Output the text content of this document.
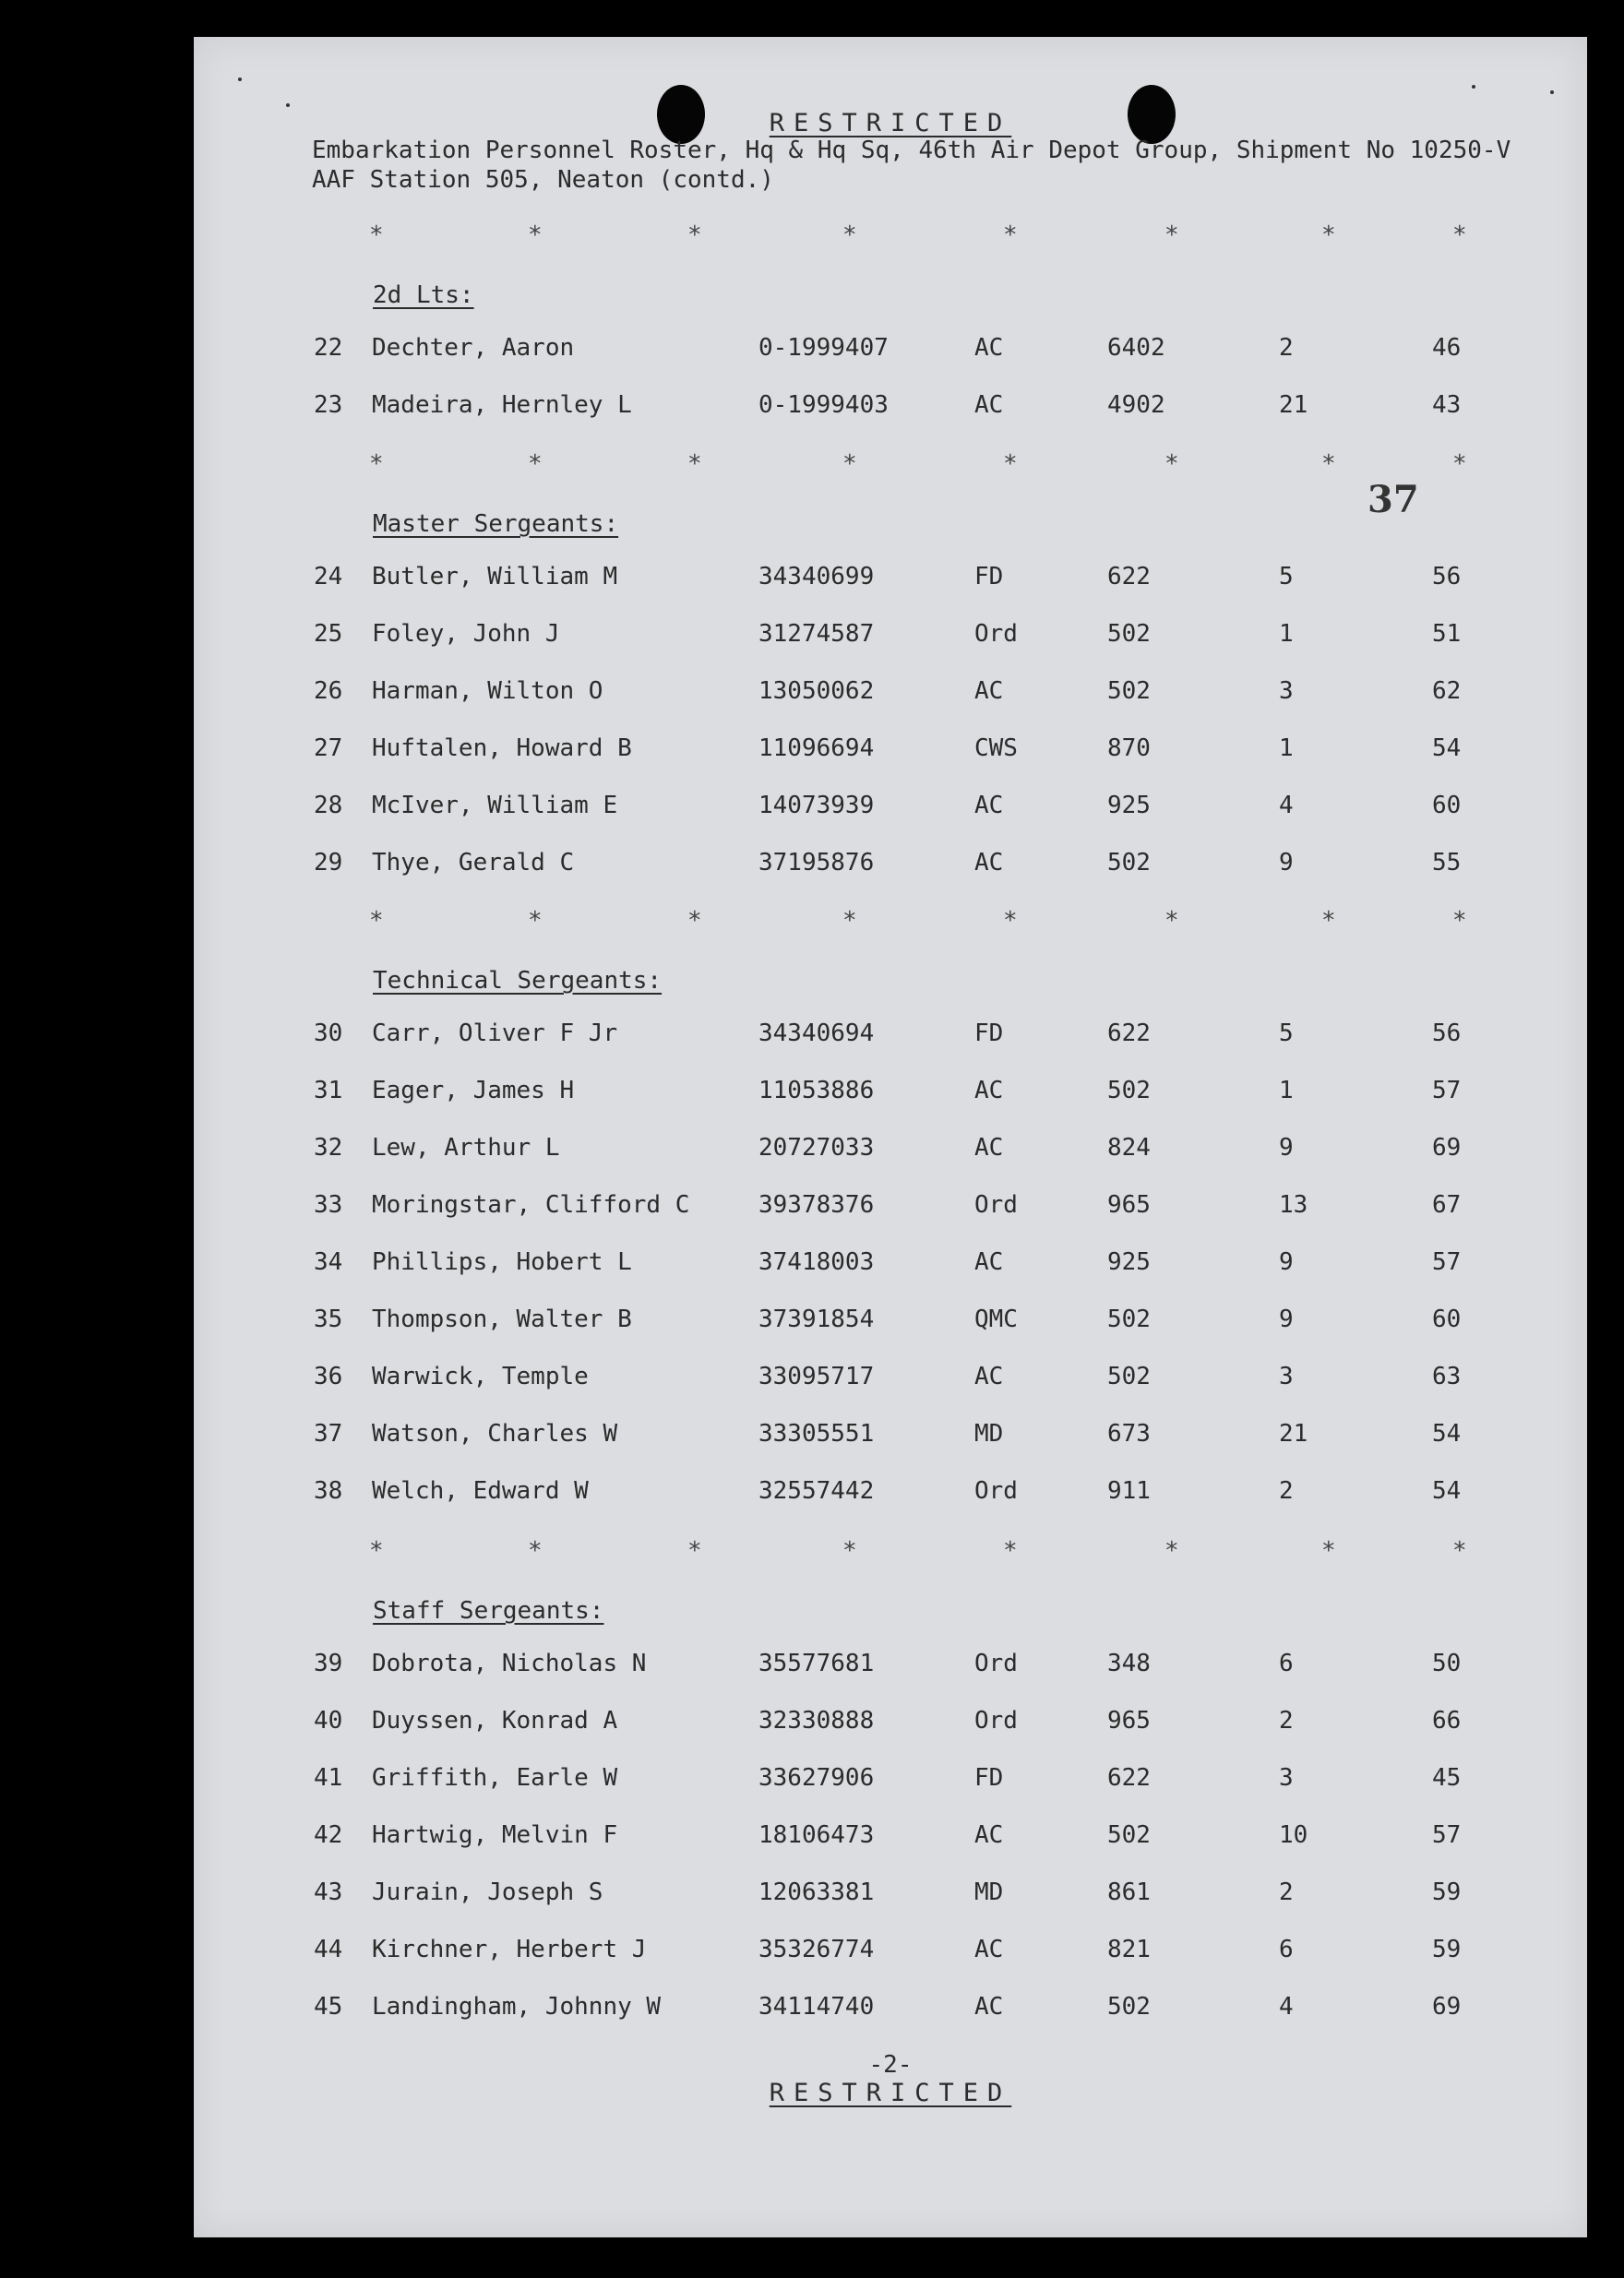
RESTRICTED
Embarkation Personnel Roster, Hq & Hq Sq, 46th Air Depot Group, Shipment No 10250-V
AAF Station 505, Neaton (contd.)
37
*	*	*	*	*	*	*	*
2d Lts:
22 Dechter, Aaron	0-1999407	AC	6402	2	46
23 Madeira, Hernley L	0-1999403	AC	4902	21	43
*	*	*	*	*	*	*	*
Master Sergeants:
24 Butler, William M	34340699	FD	622	5	56
25 Foley, John J	31274587	Ord	502	1	51
26 Harman, Wilton O	13050062	AC	502	3	62
27 Huftalen, Howard B	11096694	CWS	870	1	54
28 McIver, William E	14073939	AC	925	4	60
29 Thye, Gerald C	37195876	AC	502	9	55
*	*	*	*	*	*	*	*
Technical Sergeants:
30 Carr, Oliver F Jr	34340694	FD	622	5	56
31 Eager, James H	11053886	AC	502	1	57
32 Lew, Arthur L	20727033	AC	824	9	69
33 Moringstar, Clifford C	39378376	Ord	965	13	67
34 Phillips, Hobert L	37418003	AC	925	9	57
35 Thompson, Walter B	37391854	QMC	502	9	60
36 Warwick, Temple	33095717	AC	502	3	63
37 Watson, Charles W	33305551	MD	673	21	54
38 Welch, Edward W	32557442	Ord	911	2	54
*	*	*	*	*	*	*	*
Staff Sergeants:
39 Dobrota, Nicholas N	35577681	Ord	348	6	50
40 Duyssen, Konrad A	32330888	Ord	965	2	66
41 Griffith, Earle W	33627906	FD	622	3	45
42 Hartwig, Melvin F	18106473	AC	502	10	57
43 Jurain, Joseph S	12063381	MD	861	2	59
44 Kirchner, Herbert J	35326774	AC	821	6	59
45 Landingham, Johnny W	34114740	AC	502	4	69
-2-
RESTRICTED
